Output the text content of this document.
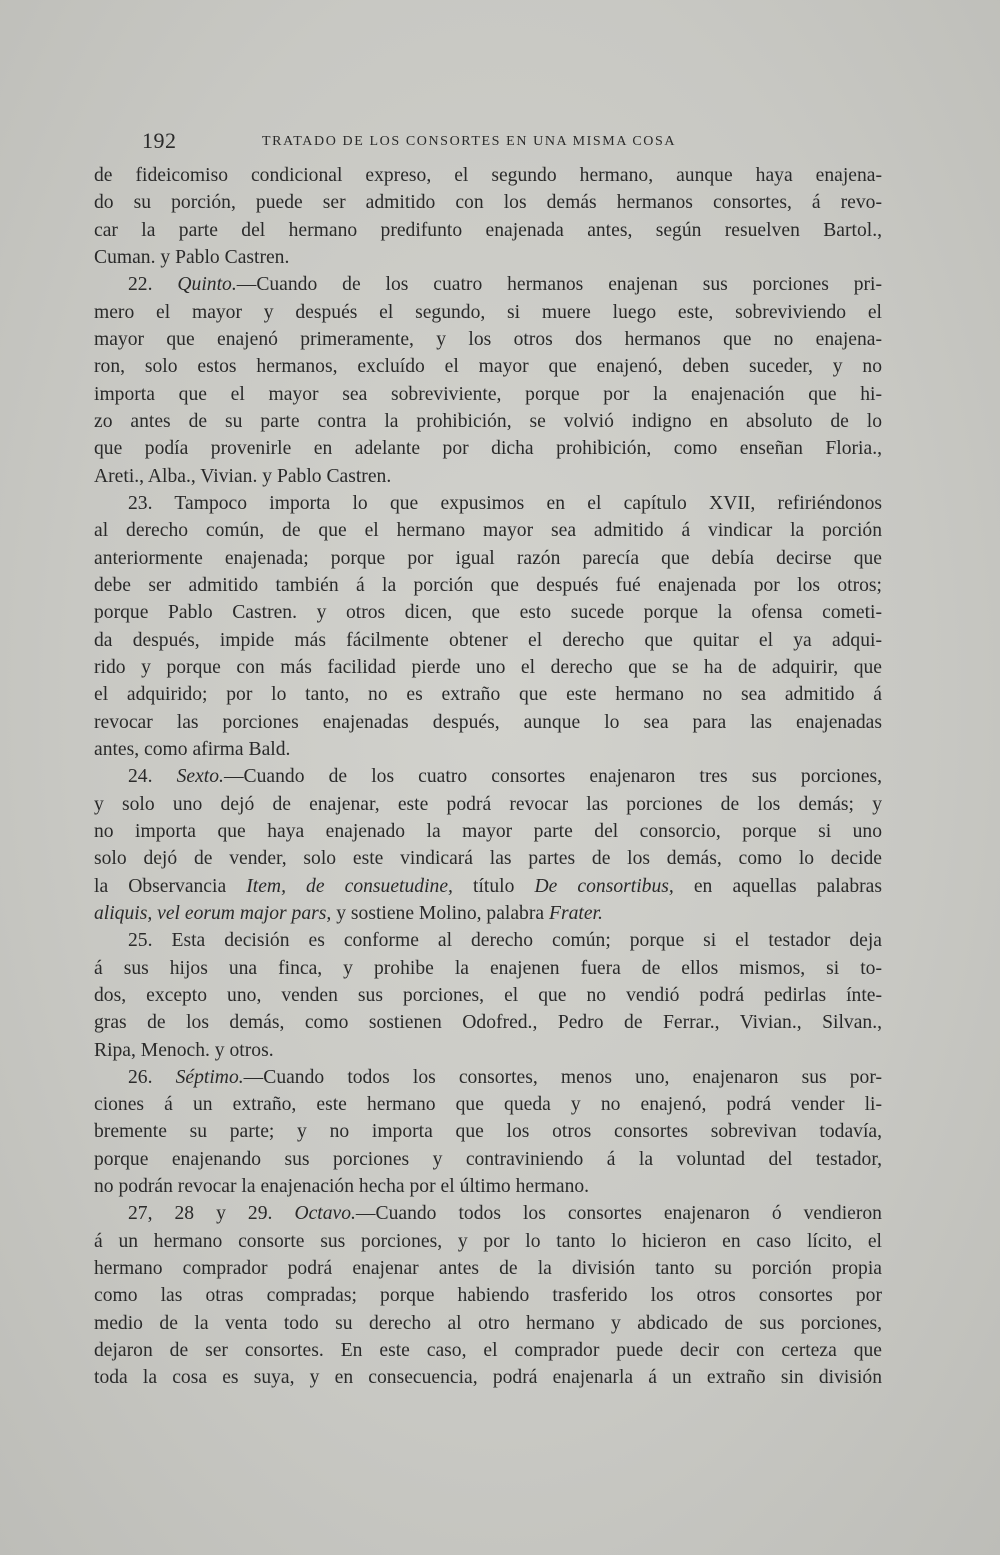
192	TRATADO DE LOS CONSORTES EN UNA MISMA COSA
de fideicomiso condicional expreso, el segundo hermano, aunque haya enajena-
do su porción, puede ser admitido con los demás hermanos consortes, á revo-
car la parte del hermano predifunto enajenada antes, según resuelven Bartol.,
Cuman. y Pablo Castren.
22. Quinto.—Cuando de los cuatro hermanos enajenan sus porciones pri-
mero el mayor y después el segundo, si muere luego este, sobreviviendo el
mayor que enajenó primeramente, y los otros dos hermanos que no enajena-
ron, solo estos hermanos, excluído el mayor que enajenó, deben suceder, y no
importa que el mayor sea sobreviviente, porque por la enajenación que hi-
zo antes de su parte contra la prohibición, se volvió indigno en absoluto de lo
que podía provenirle en adelante por dicha prohibición, como enseñan Floria.,
Areti., Alba., Vivian. y Pablo Castren.
23. Tampoco importa lo que expusimos en el capítulo XVII, refiriéndonos
al derecho común, de que el hermano mayor sea admitido á vindicar la porción
anteriormente enajenada; porque por igual razón parecía que debía decirse que
debe ser admitido también á la porción que después fué enajenada por los otros;
porque Pablo Castren. y otros dicen, que esto sucede porque la ofensa cometi-
da después, impide más fácilmente obtener el derecho que quitar el ya adqui-
rido y porque con más facilidad pierde uno el derecho que se ha de adquirir, que
el adquirido; por lo tanto, no es extraño que este hermano no sea admitido á
revocar las porciones enajenadas después, aunque lo sea para las enajenadas
antes, como afirma Bald.
24. Sexto.—Cuando de los cuatro consortes enajenaron tres sus porciones,
y solo uno dejó de enajenar, este podrá revocar las porciones de los demás; y
no importa que haya enajenado la mayor parte del consorcio, porque si uno
solo dejó de vender, solo este vindicará las partes de los demás, como lo decide
la Observancia Item, de consuetudine, título De consortibus, en aquellas palabras
aliquis, vel eorum major pars, y sostiene Molino, palabra Frater.
25. Esta decisión es conforme al derecho común; porque si el testador deja
á sus hijos una finca, y prohibe la enajenen fuera de ellos mismos, si to-
dos, excepto uno, venden sus porciones, el que no vendió podrá pedirlas ínte-
gras de los demás, como sostienen Odofred., Pedro de Ferrar., Vivian., Silvan.,
Ripa, Menoch. y otros.
26. Séptimo.—Cuando todos los consortes, menos uno, enajenaron sus por-
ciones á un extraño, este hermano que queda y no enajenó, podrá vender li-
bremente su parte; y no importa que los otros consortes sobrevivan todavía,
porque enajenando sus porciones y contraviniendo á la voluntad del testador,
no podrán revocar la enajenación hecha por el último hermano.
27, 28 y 29. Octavo.—Cuando todos los consortes enajenaron ó vendieron
á un hermano consorte sus porciones, y por lo tanto lo hicieron en caso lícito, el
hermano comprador podrá enajenar antes de la división tanto su porción propia
como las otras compradas; porque habiendo trasferido los otros consortes por
medio de la venta todo su derecho al otro hermano y abdicado de sus porciones,
dejaron de ser consortes. En este caso, el comprador puede decir con certeza que
toda la cosa es suya, y en consecuencia, podrá enajenarla á un extraño sin división
